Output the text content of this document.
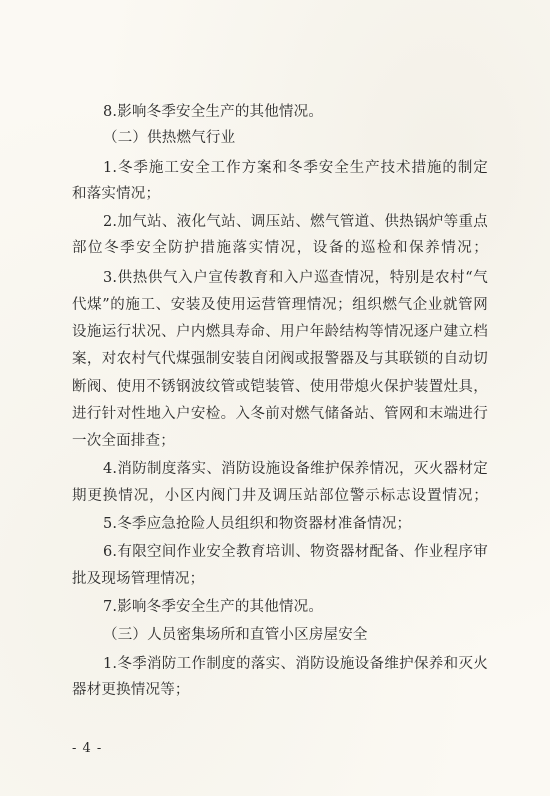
8.影响冬季安全生产的其他情况。
（二）供热燃气行业
1.冬季施工安全工作方案和冬季安全生产技术措施的制定
和落实情况；
2.加气站、液化气站、调压站、燃气管道、供热锅炉等重点
部位冬季安全防护措施落实情况，设备的巡检和保养情况；
3.供热供气入户宣传教育和入户巡查情况，特别是农村“气
代煤”的施工、安装及使用运营管理情况；组织燃气企业就管网
设施运行状况、户内燃具寿命、用户年龄结构等情况逐户建立档
案，对农村气代煤强制安装自闭阀或报警器及与其联锁的自动切
断阀、使用不锈钢波纹管或铠装管、使用带熄火保护装置灶具，
进行针对性地入户安检。入冬前对燃气储备站、管网和末端进行
一次全面排查；
4.消防制度落实、消防设施设备维护保养情况，灭火器材定
期更换情况，小区内阀门井及调压站部位警示标志设置情况；
5.冬季应急抢险人员组织和物资器材准备情况；
6.有限空间作业安全教育培训、物资器材配备、作业程序审
批及现场管理情况；
7.影响冬季安全生产的其他情况。
（三）人员密集场所和直管小区房屋安全
1.冬季消防工作制度的落实、消防设施设备维护保养和灭火
器材更换情况等；
- 4 -
